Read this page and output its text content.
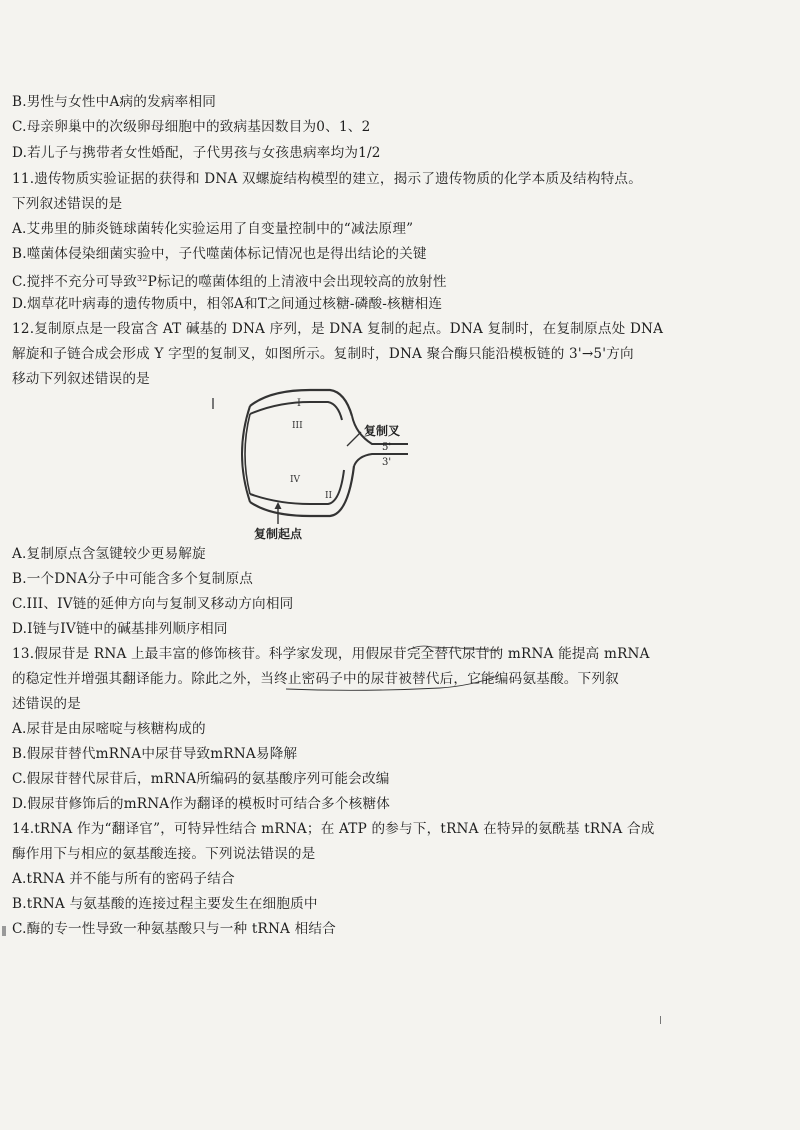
B.男性与女性中A病的发病率相同
C.母亲卵巢中的次级卵母细胞中的致病基因数目为0、1、2
D.若儿子与携带者女性婚配，子代男孩与女孩患病率均为1/2
11.遗传物质实验证据的获得和 DNA 双螺旋结构模型的建立，揭示了遗传物质的化学本质及结构特点。
下列叙述错误的是
A.艾弗里的肺炎链球菌转化实验运用了自变量控制中的“减法原理”
B.噬菌体侵染细菌实验中，子代噬菌体标记情况也是得出结论的关键
C.搅拌不充分可导致$^{32}$P标记的噬菌体组的上清液中会出现较高的放射性
D.烟草花叶病毒的遗传物质中，相邻A和T之间通过核糖-磷酸-核糖相连
12.复制原点是一段富含 AT 碱基的 DNA 序列，是 DNA 复制的起点。DNA 复制时，在复制原点处 DNA
解旋和子链合成会形成 Y 字型的复制叉，如图所示。复制时，DNA 聚合酶只能沿模板链的 3'→5'方向
移动下列叙述错误的是
I
III
IV
II
复制叉
5'
3'
复制起点
A.复制原点含氢键较少更易解旋
B.一个DNA分子中可能含多个复制原点
C.III、IV链的延伸方向与复制叉移动方向相同
D.I链与IV链中的碱基排列顺序相同
13.假尿苷是 RNA 上最丰富的修饰核苷。科学家发现，用假尿苷完全替代尿苷的 mRNA 能提高 mRNA
的稳定性并增强其翻译能力。除此之外，当终止密码子中的尿苷被替代后，它能编码氨基酸。下列叙
述错误的是
A.尿苷是由尿嘧啶与核糖构成的
B.假尿苷替代mRNA中尿苷导致mRNA易降解
C.假尿苷替代尿苷后，mRNA所编码的氨基酸序列可能会改编
D.假尿苷修饰后的mRNA作为翻译的模板时可结合多个核糖体
14.tRNA 作为“翻译官”，可特异性结合 mRNA；在 ATP 的参与下，tRNA 在特异的氨酰基 tRNA 合成
酶作用下与相应的氨基酸连接。下列说法错误的是
A.tRNA 并不能与所有的密码子结合
B.tRNA 与氨基酸的连接过程主要发生在细胞质中
C.酶的专一性导致一种氨基酸只与一种 tRNA 相结合
